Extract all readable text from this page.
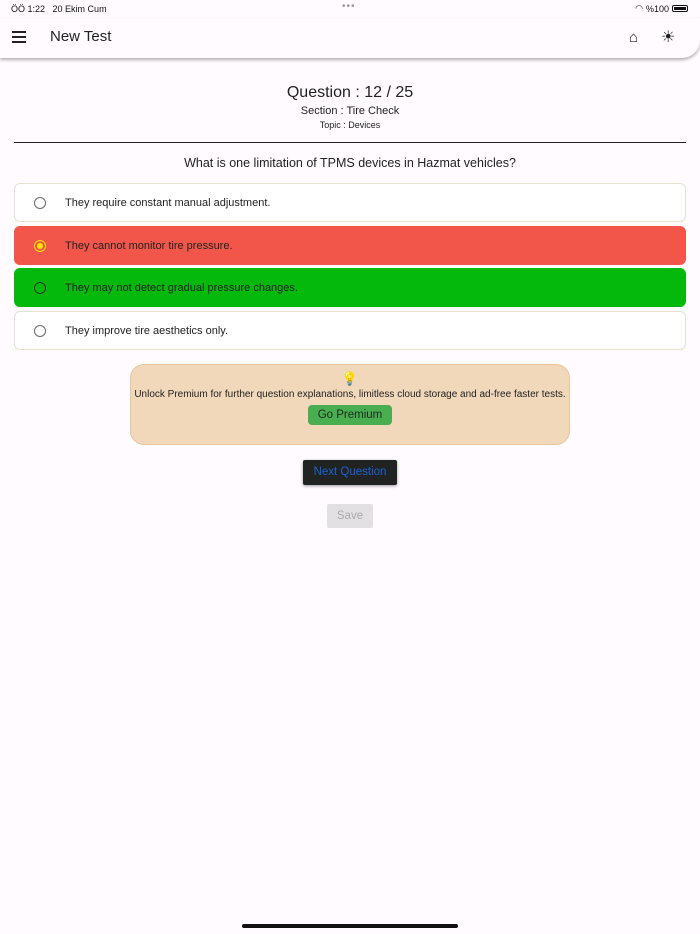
ÖÖ 1:22 20 Ekim Cum	•••	◠ %100
New Test	⌂ ☀
Question : 12 / 25
Section : Tire Check
Topic : Devices
What is one limitation of TPMS devices in Hazmat vehicles?
They require constant manual adjustment.
They cannot monitor tire pressure.
They may not detect gradual pressure changes.
They improve tire aesthetics only.
💡
Unlock Premium for further question explanations, limitless cloud storage and ad-free faster tests.
Go Premium
Next Question
Save
